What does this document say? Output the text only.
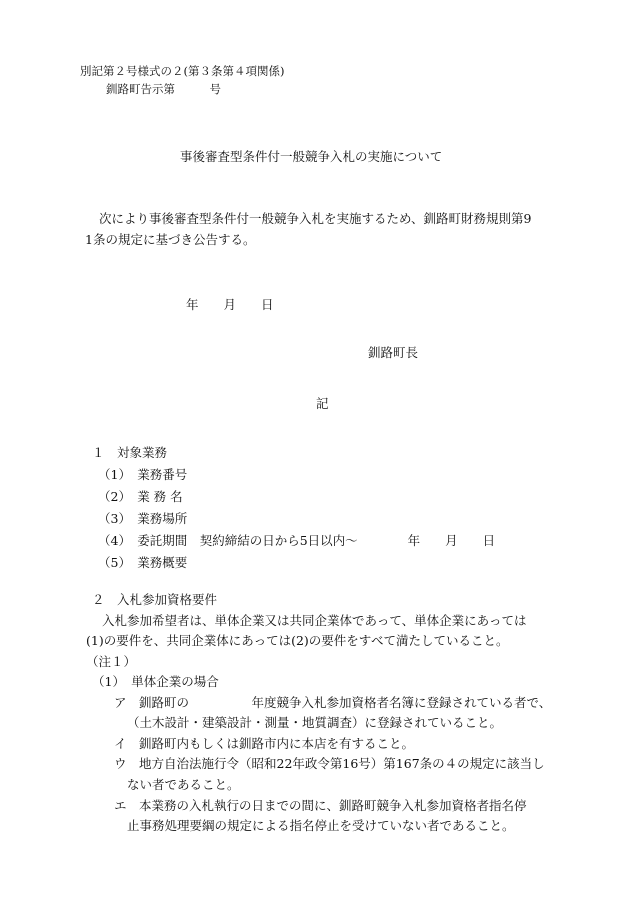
別記第２号様式の２(第３条第４項関係)
釧路町告示第　　　号
事後審査型条件付一般競争入札の実施について
次により事後審査型条件付一般競争入札を実施するため、釧路町財務規則第9
1条の規定に基づき公告する。
年　　月　　日
釧路町長
記
１　対象業務
（1）　業務番号
（2）　業 務 名
（3）　業務場所
（4）　委託期間　契約締結の日から5日以内～　　　　年　　月　　日
（5）　業務概要
２　入札参加資格要件
入札参加希望者は、単体企業又は共同企業体であって、単体企業にあっては
(1)の要件を、共同企業体にあっては(2)の要件をすべて満たしていること。
（注１）
（1）　単体企業の場合
ア　釧路町の　　　　　年度競争入札参加資格者名簿に登録されている者で、
（土木設計・建築設計・測量・地質調査）に登録されていること。
イ　釧路町内もしくは釧路市内に本店を有すること。
ウ　地方自治法施行令（昭和22年政令第16号）第167条の４の規定に該当し
ない者であること。
エ　本業務の入札執行の日までの間に、釧路町競争入札参加資格者指名停
止事務処理要綱の規定による指名停止を受けていない者であること。
